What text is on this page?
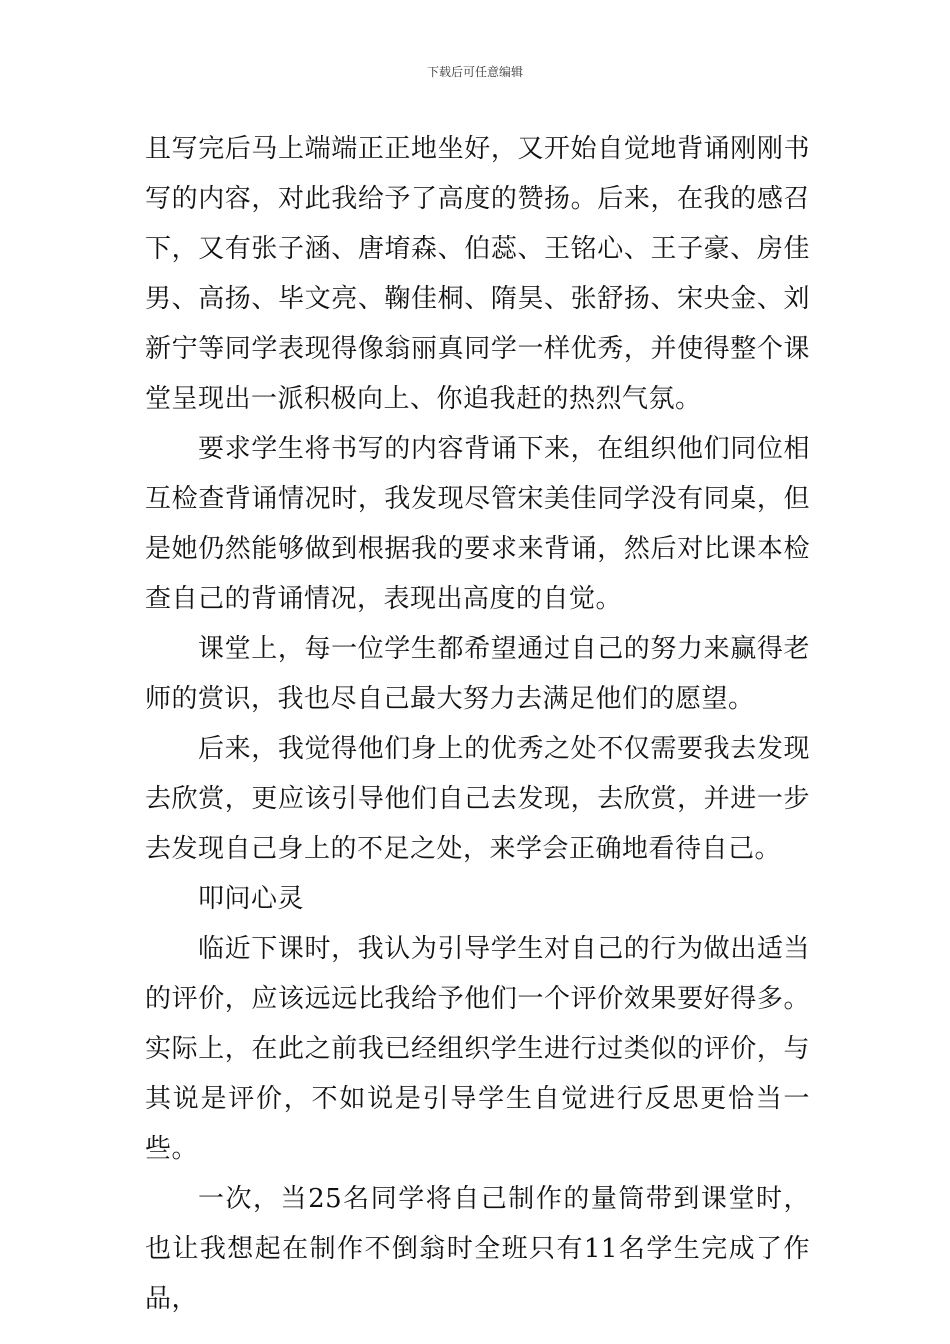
下载后可任意编辑

且写完后马上端端正正地坐好，又开始自觉地背诵刚刚书写的内容，对此我给予了高度的赞扬。后来，在我的感召下，又有张子涵、唐堉森、伯蕊、王铭心、王子豪、房佳男、高扬、毕文亮、鞠佳桐、隋昊、张舒扬、宋央金、刘新宁等同学表现得像翁丽真同学一样优秀，并使得整个课堂呈现出一派积极向上、你追我赶的热烈气氛。

要求学生将书写的内容背诵下来，在组织他们同位相互检查背诵情况时，我发现尽管宋美佳同学没有同桌，但是她仍然能够做到根据我的要求来背诵，然后对比课本检查自己的背诵情况，表现出高度的自觉。

课堂上，每一位学生都希望通过自己的努力来赢得老师的赏识，我也尽自己最大努力去满足他们的愿望。

后来，我觉得他们身上的优秀之处不仅需要我去发现去欣赏，更应该引导他们自己去发现，去欣赏，并进一步去发现自己身上的不足之处，来学会正确地看待自己。

叩问心灵

临近下课时，我认为引导学生对自己的行为做出适当的评价，应该远远比我给予他们一个评价效果要好得多。实际上，在此之前我已经组织学生进行过类似的评价，与其说是评价，不如说是引导学生自觉进行反思更恰当一些。

一次，当25名同学将自己制作的量筒带到课堂时，也让我想起在制作不倒翁时全班只有11名学生完成了作品，
